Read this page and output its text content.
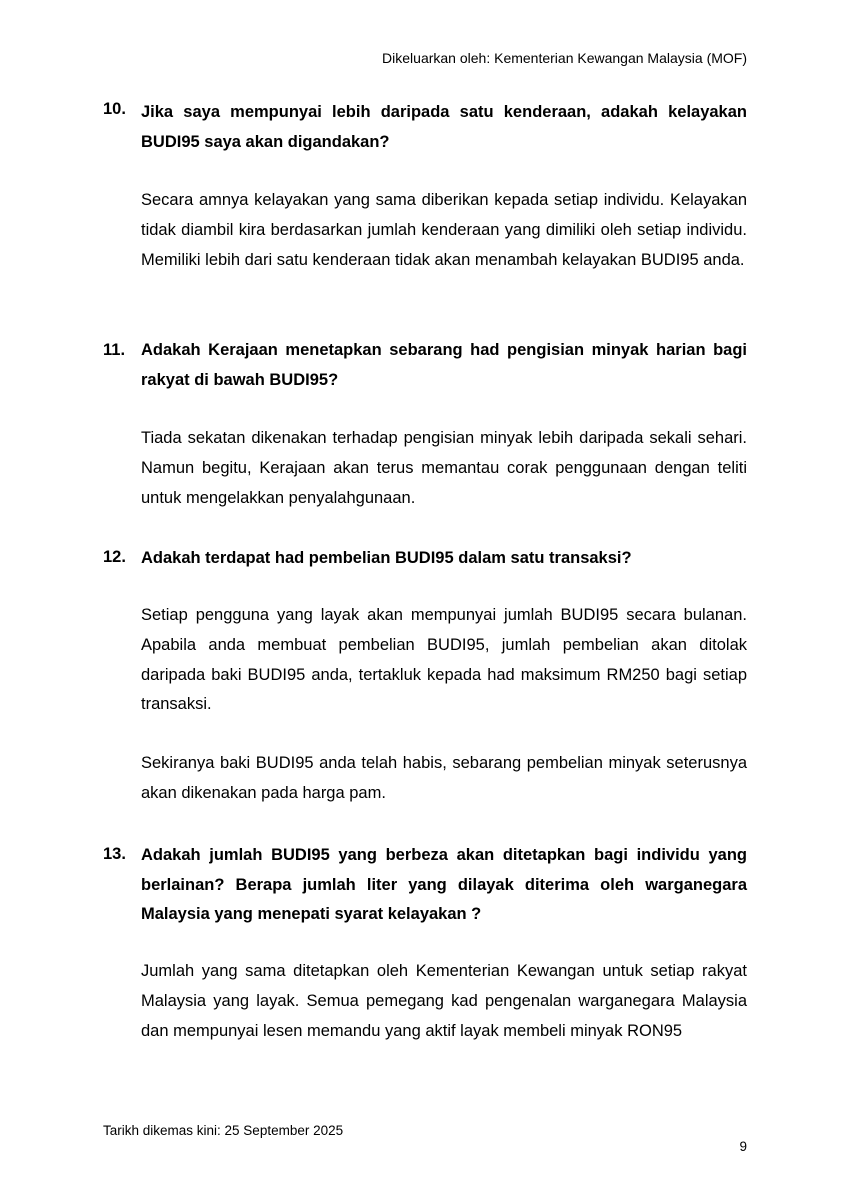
Dikeluarkan oleh: Kementerian Kewangan Malaysia (MOF)
10. Jika saya mempunyai lebih daripada satu kenderaan, adakah kelayakan BUDI95 saya akan digandakan?
Secara amnya kelayakan yang sama diberikan kepada setiap individu. Kelayakan tidak diambil kira berdasarkan jumlah kenderaan yang dimiliki oleh setiap individu. Memiliki lebih dari satu kenderaan tidak akan menambah kelayakan BUDI95 anda.
11. Adakah Kerajaan menetapkan sebarang had pengisian minyak harian bagi rakyat di bawah BUDI95?
Tiada sekatan dikenakan terhadap pengisian minyak lebih daripada sekali sehari. Namun begitu, Kerajaan akan terus memantau corak penggunaan dengan teliti untuk mengelakkan penyalahgunaan.
12. Adakah terdapat had pembelian BUDI95 dalam satu transaksi?
Setiap pengguna yang layak akan mempunyai jumlah BUDI95 secara bulanan. Apabila anda membuat pembelian BUDI95, jumlah pembelian akan ditolak daripada baki BUDI95 anda, tertakluk kepada had maksimum RM250 bagi setiap transaksi.
Sekiranya baki BUDI95 anda telah habis, sebarang pembelian minyak seterusnya akan dikenakan pada harga pam.
13. Adakah jumlah BUDI95 yang berbeza akan ditetapkan bagi individu yang berlainan? Berapa jumlah liter yang dilayak diterima oleh warganegara Malaysia yang menepati syarat kelayakan ?
Jumlah yang sama ditetapkan oleh Kementerian Kewangan untuk setiap rakyat Malaysia yang layak. Semua pemegang kad pengenalan warganegara Malaysia dan mempunyai lesen memandu yang aktif layak membeli minyak RON95
Tarikh dikemas kini: 25 September 2025
9
